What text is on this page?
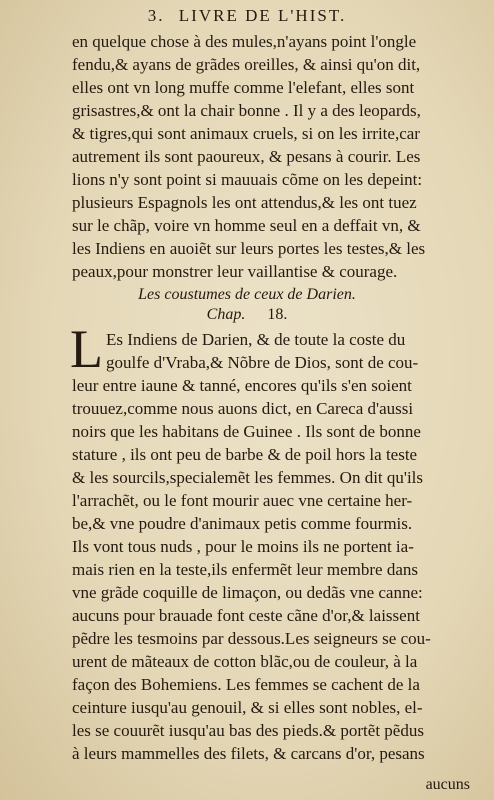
3. LIVRE DE L'HIST.
en quelque chose à des mules,n'ayans point l'ongle
fendu,& ayans de grãdes oreilles, & ainsi qu'on dit,
elles ont vn long muffe comme l'elefant, elles sont
grisastres,& ont la chair bonne . Il y a des leopards,
& tigres,qui sont animaux cruels, si on les irrite,car
autrement ils sont paoureux, & pesans à courir. Les
lions n'y sont point si mauuais cõme on les depeint:
plusieurs Espagnols les ont attendus,& les ont tuez
sur le chãp, voire vn homme seul en a deffait vn, &
les Indiens en auoiẽt sur leurs portes les testes,& les
peaux,pour monstrer leur vaillantise & courage.
Les coustumes de ceux de Darien.
Chap. 18.
L Es Indiens de Darien, & de toute la coste du
goulfe d'Vraba,& Nõbre de Dios, sont de cou-
leur entre iaune & tanné, encores qu'ils s'en soient
trouuez,comme nous auons dict, en Careca d'aussi
noirs que les habitans de Guinee . Ils sont de bonne
stature , ils ont peu de barbe & de poil hors la teste
& les sourcils,specialemẽt les femmes. On dit qu'ils
l'arrachẽt, ou le font mourir auec vne certaine her-
be,& vne poudre d'animaux petis comme fourmis.
Ils vont tous nuds , pour le moins ils ne portent ia-
mais rien en la teste,ils enfermẽt leur membre dans
vne grãde coquille de limaçon, ou dedãs vne canne:
aucuns pour brauade font ceste cãne d'or,& laissent
pẽdre les tesmoins par dessous.Les seigneurs se cou-
urent de mãteaux de cotton blãc,ou de couleur, à la
façon des Bohemiens. Les femmes se cachent de la
ceinture iusqu'au genouil, & si elles sont nobles, el-
les se couurẽt iusqu'au bas des pieds.& portẽt pẽdus
à leurs mammelles des filets, & carcans d'or, pesans
aucuns
